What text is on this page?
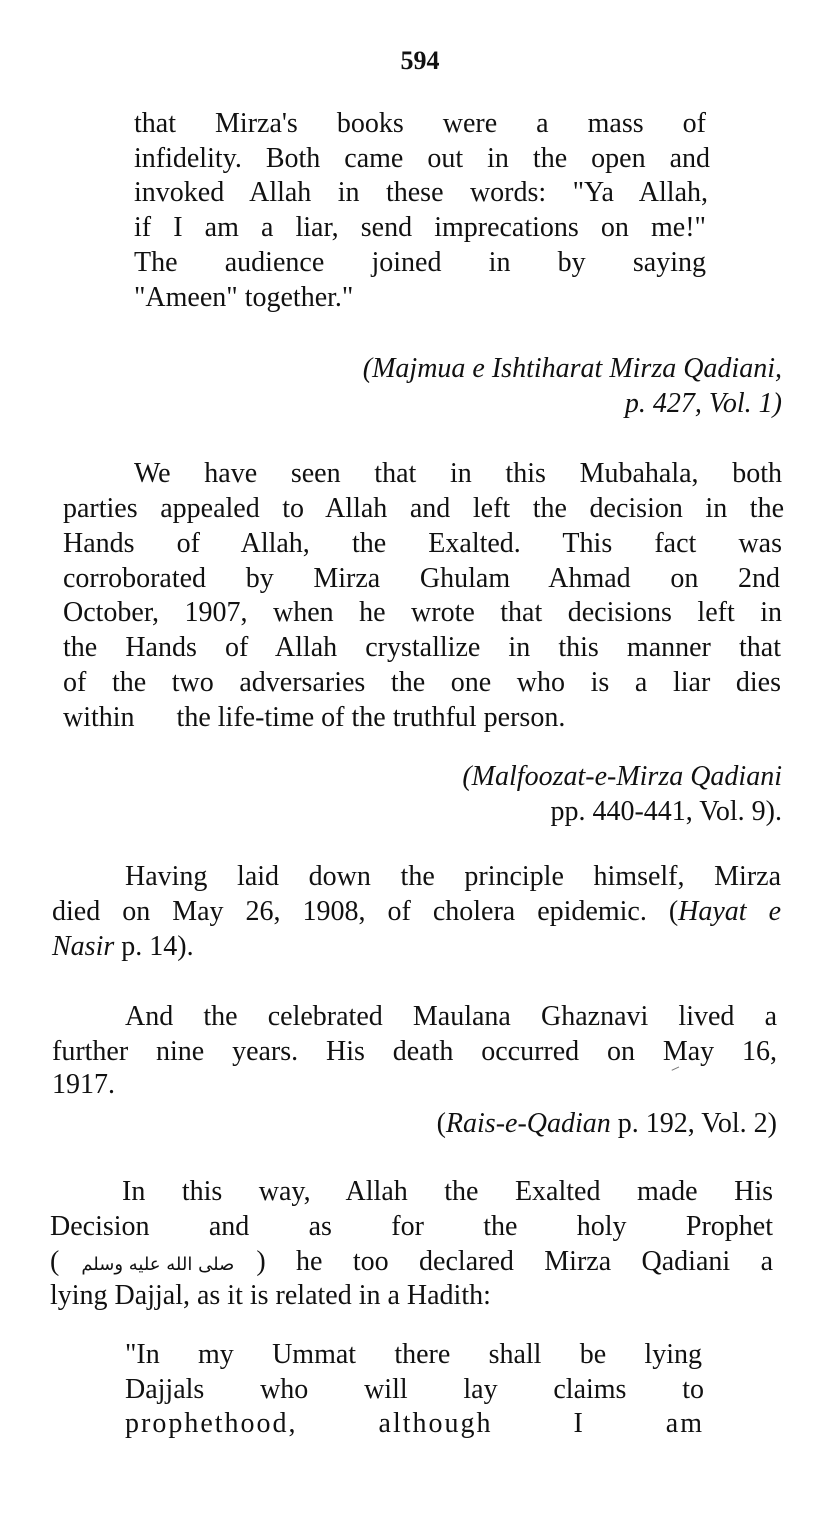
594
that Mirza's books were a mass of
infidelity. Both came out in the open and
invoked Allah in these words: "Ya Allah,
if I am a liar, send imprecations on me!"
The audience joined in by saying
"Ameen" together."
(Majmua e Ishtiharat Mirza Qadiani,
p. 427, Vol. 1)
We have seen that in this Mubahala, both
parties appealed to Allah and left the decision in the
Hands of Allah, the Exalted. This fact was
corroborated by Mirza Ghulam Ahmad on 2nd
October, 1907, when he wrote that decisions left in
the Hands of Allah crystallize in this manner that
of the two adversaries the one who is a liar dies
within      the life-time of the truthful person.
(Malfoozat-e-Mirza Qadiani
pp. 440-441, Vol. 9).
Having laid down the principle himself, Mirza
died on May 26, 1908, of cholera epidemic. (Hayat e
Nasir p. 14).
And the celebrated Maulana Ghaznavi lived a
further nine years. His death occurred on May 16,
1917.
(Rais-e-Qadian p. 192, Vol. 2)
In this way, Allah the Exalted made His
Decision and as for the holy Prophet
( صلى الله عليه وسلم ) he too declared Mirza Qadiani a
lying Dajjal, as it is related in a Hadith:
"In my Ummat there shall be lying
Dajjals who will lay claims to
prophethood, although I am
